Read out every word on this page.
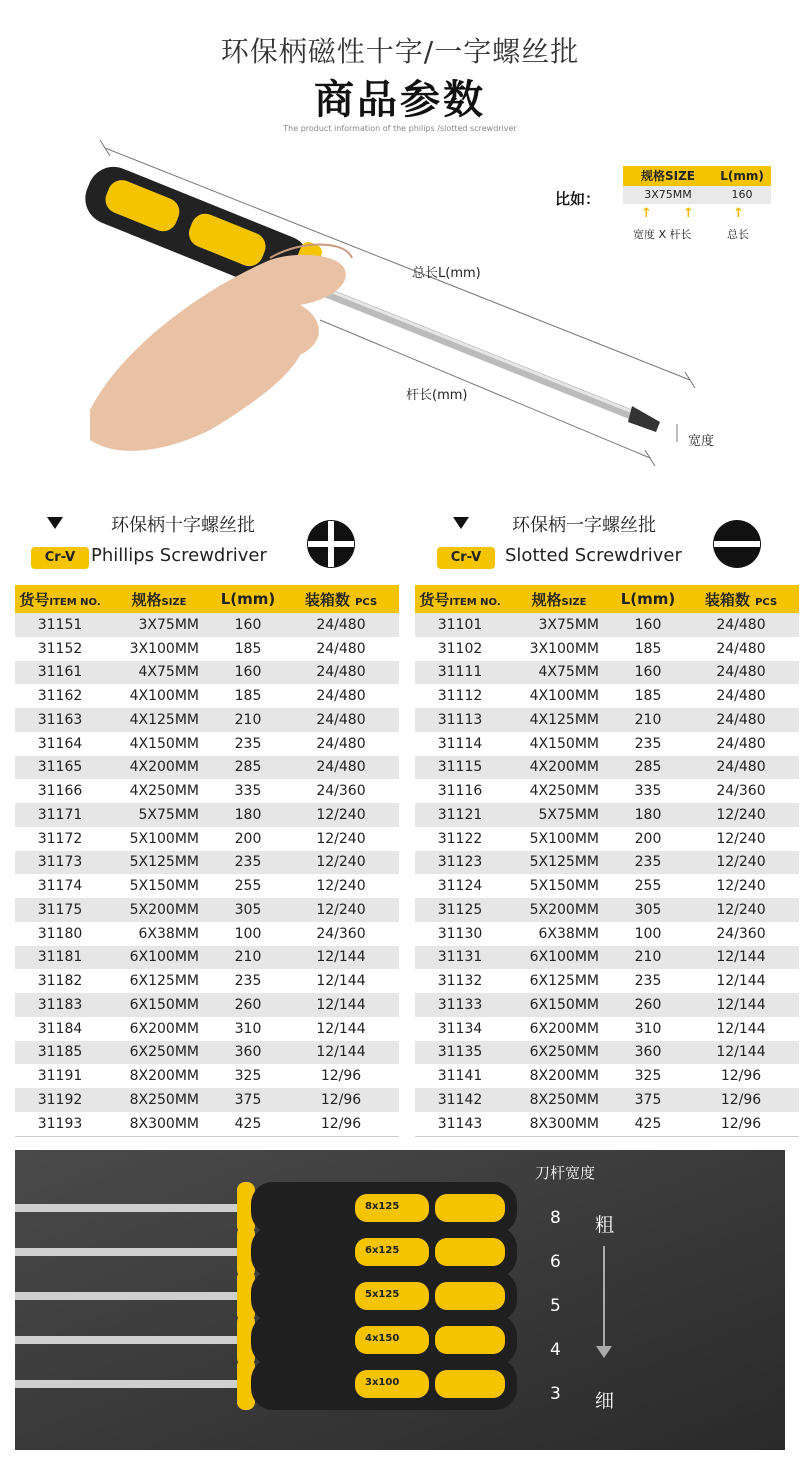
环保柄磁性十字/一字螺丝批
商品参数
The product information of the philips /slotted screwdriver
总长L(mm)
杆长(mm)
宽度
比如：
规格SIZE	L(mm)
3X75MM	160
↑ ↑	↑
宽度 X 杆长	总长
环保柄十字螺丝批
Cr-V Phillips Screwdriver
环保柄一字螺丝批
Cr-V	Slotted Screwdriver
货号ITEM NO.	规格SIZE	L(mm)	装箱数 PCS
31151	3X75MM	160	24/480
31152	3X100MM	185	24/480
31161	4X75MM	160	24/480
31162	4X100MM	185	24/480
31163	4X125MM	210	24/480
31164	4X150MM	235	24/480
31165	4X200MM	285	24/480
31166	4X250MM	335	24/360
31171	5X75MM	180	12/240
31172	5X100MM	200	12/240
31173	5X125MM	235	12/240
31174	5X150MM	255	12/240
31175	5X200MM	305	12/240
31180	6X38MM	100	24/360
31181	6X100MM	210	12/144
31182	6X125MM	235	12/144
31183	6X150MM	260	12/144
31184	6X200MM	310	12/144
31185	6X250MM	360	12/144
31191	8X200MM	325	12/96
31192	8X250MM	375	12/96
31193	8X300MM	425	12/96
货号ITEM NO.	规格SIZE	L(mm)	装箱数 PCS
31101	3X75MM	160	24/480
31102	3X100MM	185	24/480
31111	4X75MM	160	24/480
31112	4X100MM	185	24/480
31113	4X125MM	210	24/480
31114	4X150MM	235	24/480
31115	4X200MM	285	24/480
31116	4X250MM	335	24/360
31121	5X75MM	180	12/240
31122	5X100MM	200	12/240
31123	5X125MM	235	12/240
31124	5X150MM	255	12/240
31125	5X200MM	305	12/240
31130	6X38MM	100	24/360
31131	6X100MM	210	12/144
31132	6X125MM	235	12/144
31133	6X150MM	260	12/144
31134	6X200MM	310	12/144
31135	6X250MM	360	12/144
31141	8X200MM	325	12/96
31142	8X250MM	375	12/96
31143	8X300MM	425	12/96
刀杆宽度
8
6
5
4
3
粗
细
8x125
6x125
5x125
4x150
3x100
